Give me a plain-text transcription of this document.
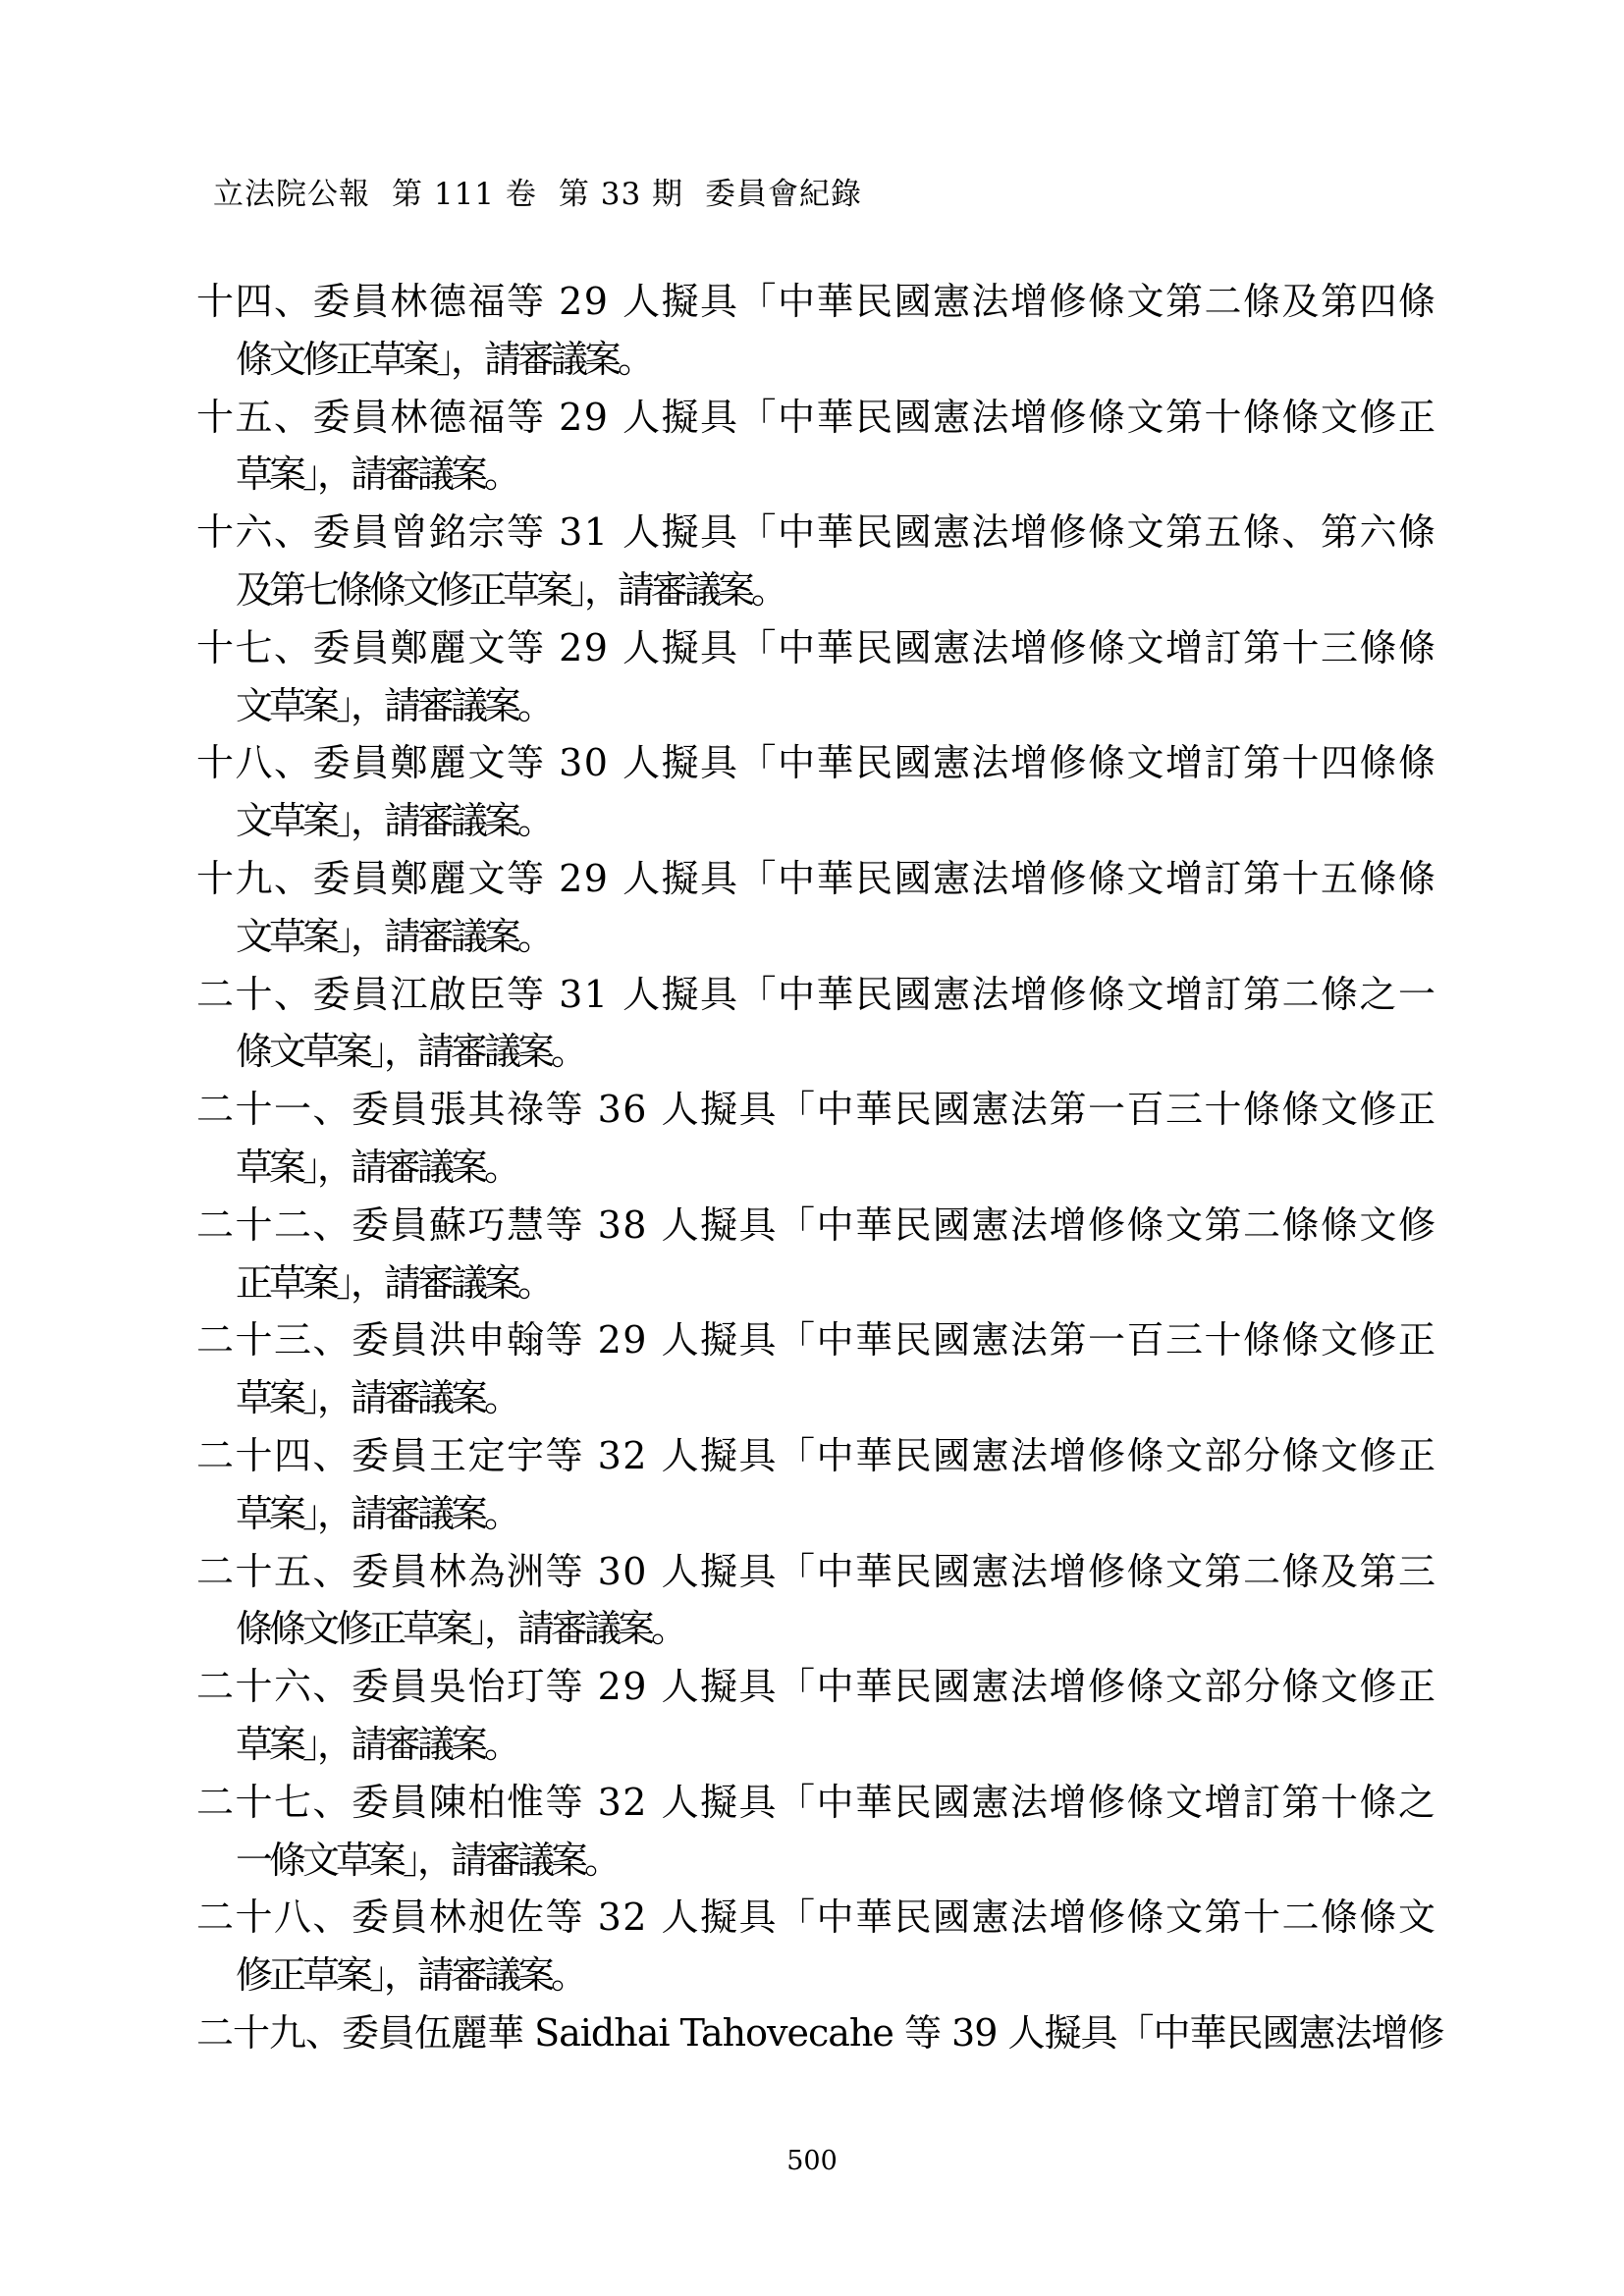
立法院公報 第 111 卷 第 33 期 委員會紀錄
十四、委員林德福等 29 人擬具「中華民國憲法增修條文第二條及第四條
條文修正草案」，請審議案。
十五、委員林德福等 29 人擬具「中華民國憲法增修條文第十條條文修正
草案」，請審議案。
十六、委員曾銘宗等 31 人擬具「中華民國憲法增修條文第五條、第六條
及第七條條文修正草案」，請審議案。
十七、委員鄭麗文等 29 人擬具「中華民國憲法增修條文增訂第十三條條
文草案」，請審議案。
十八、委員鄭麗文等 30 人擬具「中華民國憲法增修條文增訂第十四條條
文草案」，請審議案。
十九、委員鄭麗文等 29 人擬具「中華民國憲法增修條文增訂第十五條條
文草案」，請審議案。
二十、委員江啟臣等 31 人擬具「中華民國憲法增修條文增訂第二條之一
條文草案」，請審議案。
二十一、委員張其祿等 36 人擬具「中華民國憲法第一百三十條條文修正
草案」，請審議案。
二十二、委員蘇巧慧等 38 人擬具「中華民國憲法增修條文第二條條文修
正草案」，請審議案。
二十三、委員洪申翰等 29 人擬具「中華民國憲法第一百三十條條文修正
草案」，請審議案。
二十四、委員王定宇等 32 人擬具「中華民國憲法增修條文部分條文修正
草案」，請審議案。
二十五、委員林為洲等 30 人擬具「中華民國憲法增修條文第二條及第三
條條文修正草案」，請審議案。
二十六、委員吳怡玎等 29 人擬具「中華民國憲法增修條文部分條文修正
草案」，請審議案。
二十七、委員陳柏惟等 32 人擬具「中華民國憲法增修條文增訂第十條之
一條文草案」，請審議案。
二十八、委員林昶佐等 32 人擬具「中華民國憲法增修條文第十二條條文
修正草案」，請審議案。
二十九、委員伍麗華 Saidhai Tahovecahe 等 39 人擬具「中華民國憲法增修
500
